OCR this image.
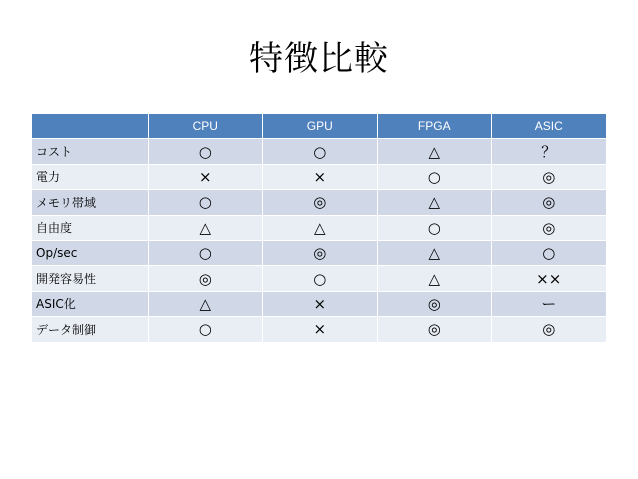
特徴比較
	CPU	GPU	FPGA	ASIC
コスト	○	○	△	？
電力	×	×	○	◎
メモリ帯域	○	◎	△	◎
自由度	△	△	○	◎
Op/sec	○	◎	△	○
開発容易性	◎	○	△	××
ASIC化	△	×	◎	ー
データ制御	○	×	◎	◎
